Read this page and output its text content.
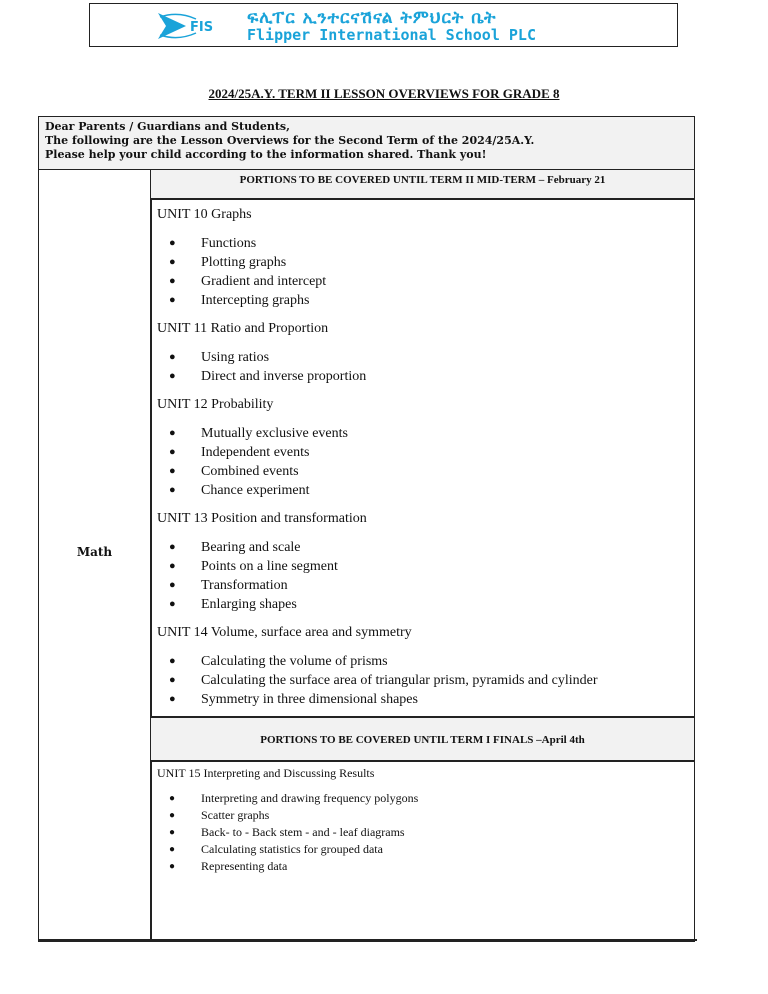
FIS ፍሊፐር ኢንተርናሽናል ትምህርት ቤት
Flipper International School PLC
2024/25A.Y. TERM II LESSON OVERVIEWS FOR GRADE 8
Dear Parents / Guardians and Students,
The following are the Lesson Overviews for the Second Term of the 2024/25A.Y.
Please help your child according to the information shared. Thank you!
Math
PORTIONS TO BE COVERED UNTIL TERM II MID-TERM – February 21
UNIT 10 Graphs
● Functions
● Plotting graphs
● Gradient and intercept
● Intercepting graphs
UNIT 11 Ratio and Proportion
● Using ratios
● Direct and inverse proportion
UNIT 12 Probability
● Mutually exclusive events
● Independent events
● Combined events
● Chance experiment
UNIT 13 Position and transformation
● Bearing and scale
● Points on a line segment
● Transformation
● Enlarging shapes
UNIT 14 Volume, surface area and symmetry
● Calculating the volume of prisms
● Calculating the surface area of triangular prism, pyramids and cylinder
● Symmetry in three dimensional shapes
PORTIONS TO BE COVERED UNTIL TERM I FINALS –April 4th
UNIT 15 Interpreting and Discussing Results
● Interpreting and drawing frequency polygons
● Scatter graphs
● Back- to - Back stem - and - leaf diagrams
● Calculating statistics for grouped data
● Representing data
